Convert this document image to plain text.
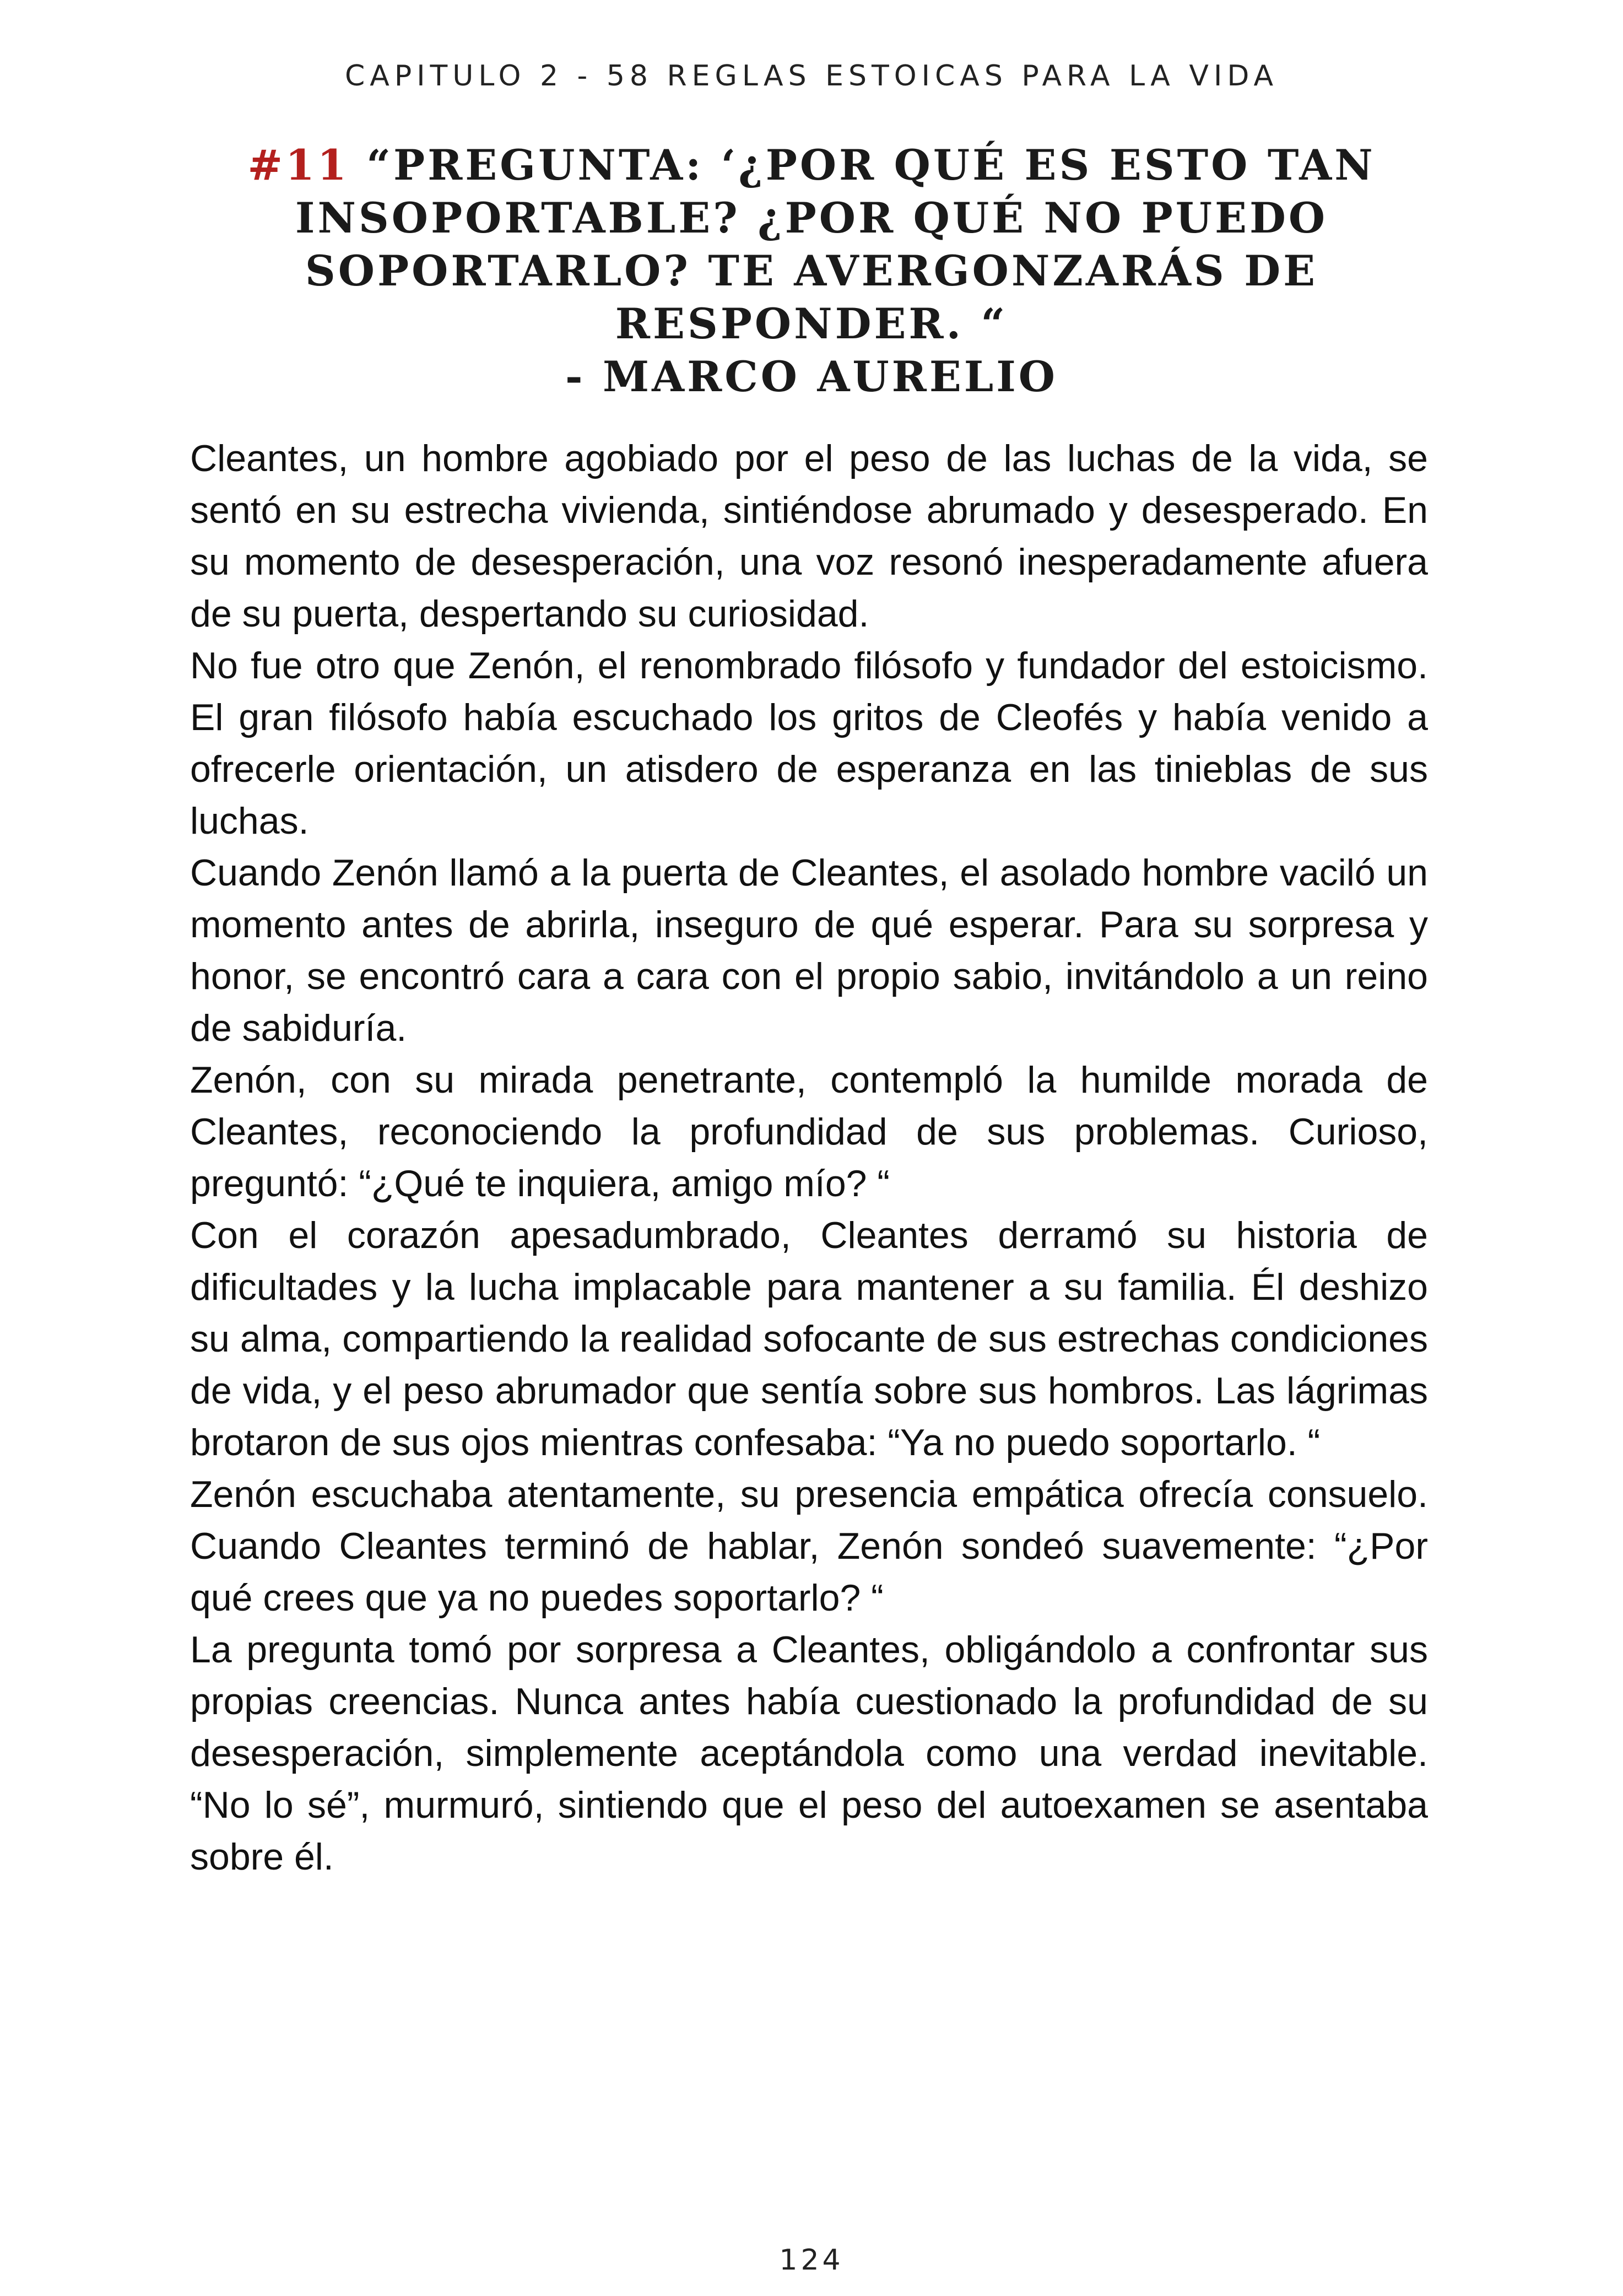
CAPITULO 2 - 58 REGLAS ESTOICAS PARA LA VIDA
#11 “PREGUNTA: ‘¿POR QUÉ ES ESTO TAN
INSOPORTABLE? ¿POR QUÉ NO PUEDO
SOPORTARLO? TE AVERGONZARÁS DE
RESPONDER. “
- MARCO AURELIO

Cleantes, un hombre agobiado por el peso de las luchas de la vida, se sentó en su estrecha vivienda, sintiéndose abrumado y desesperado. En su momento de desesperación, una voz resonó inesperadamente afuera de su puerta, despertando su curiosidad.

No fue otro que Zenón, el renombrado filósofo y fundador del estoicismo. El gran filósofo había escuchado los gritos de Cleofés y había venido a ofrecerle orientación, un atisdero de esperanza en las tinieblas de sus luchas.

Cuando Zenón llamó a la puerta de Cleantes, el asolado hombre vaciló un momento antes de abrirla, inseguro de qué esperar. Para su sorpresa y honor, se encontró cara a cara con el propio sabio, invitándolo a un reino de sabiduría.

Zenón, con su mirada penetrante, contempló la humilde morada de Cleantes, reconociendo la profundidad de sus problemas. Curioso, preguntó: “¿Qué te inquiera, amigo mío? “

Con el corazón apesadumbrado, Cleantes derramó su historia de dificultades y la lucha implacable para mantener a su familia. Él deshizo su alma, compartiendo la realidad sofocante de sus estrechas condiciones de vida, y el peso abrumador que sentía sobre sus hombros. Las lágrimas brotaron de sus ojos mientras confesaba: “Ya no puedo soportarlo. “

Zenón escuchaba atentamente, su presencia empática ofrecía consuelo. Cuando Cleantes terminó de hablar, Zenón sondeó suavemente: “¿Por qué crees que ya no puedes soportarlo? “

La pregunta tomó por sorpresa a Cleantes, obligándolo a confrontar sus propias creencias. Nunca antes había cuestionado la profundidad de su desesperación, simplemente aceptándola como una verdad inevitable. “No lo sé”, murmuró, sintiendo que el peso del autoexamen se asentaba sobre él.

124
